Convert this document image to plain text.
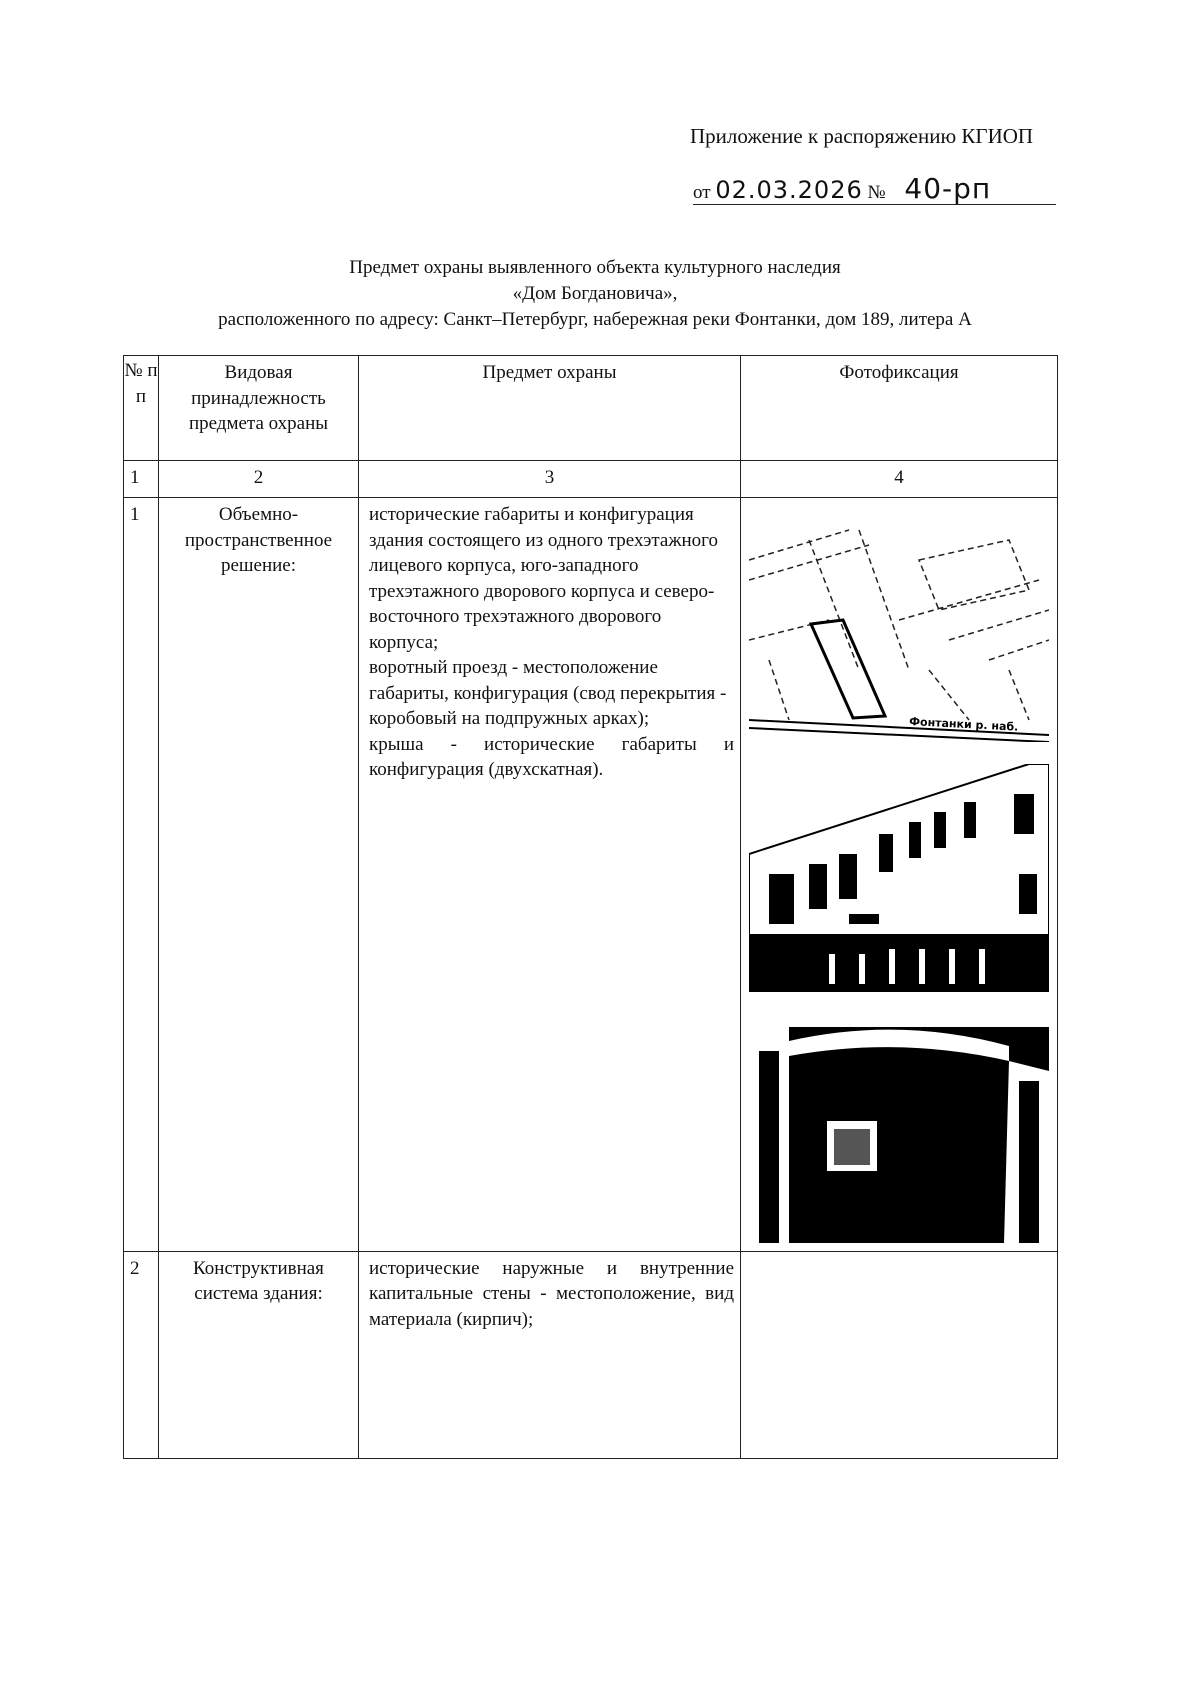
Приложение к распоряжению КГИОП
от 02.03.2026 № 40-рп
Предмет охраны выявленного объекта культурного наследия
«Дом Богдановича»,
расположенного по адресу: Санкт–Петербург, набережная реки Фонтанки, дом 189, литера А
№ п п	Видовая принадлежность предмета охраны	Предмет охраны	Фотофиксация
1	2	3	4
1	Объемно-пространственное решение:	исторические габариты и конфигурация здания состоящего из одного трехэтажного лицевого корпуса, юго-западного трехэтажного дворового корпуса и северо-восточного трехэтажного дворового корпуса;
воротный проезд - местоположение
габариты, конфигурация (свод перекрытия - коробовый на подпружных арках);
крыша - исторические габариты и конфигурация (двухскатная).	Фонтанки р. наб.

2	Конструктивная система здания:	исторические наружные и внутренние капитальные стены - местоположение, вид материала (кирпич);	
